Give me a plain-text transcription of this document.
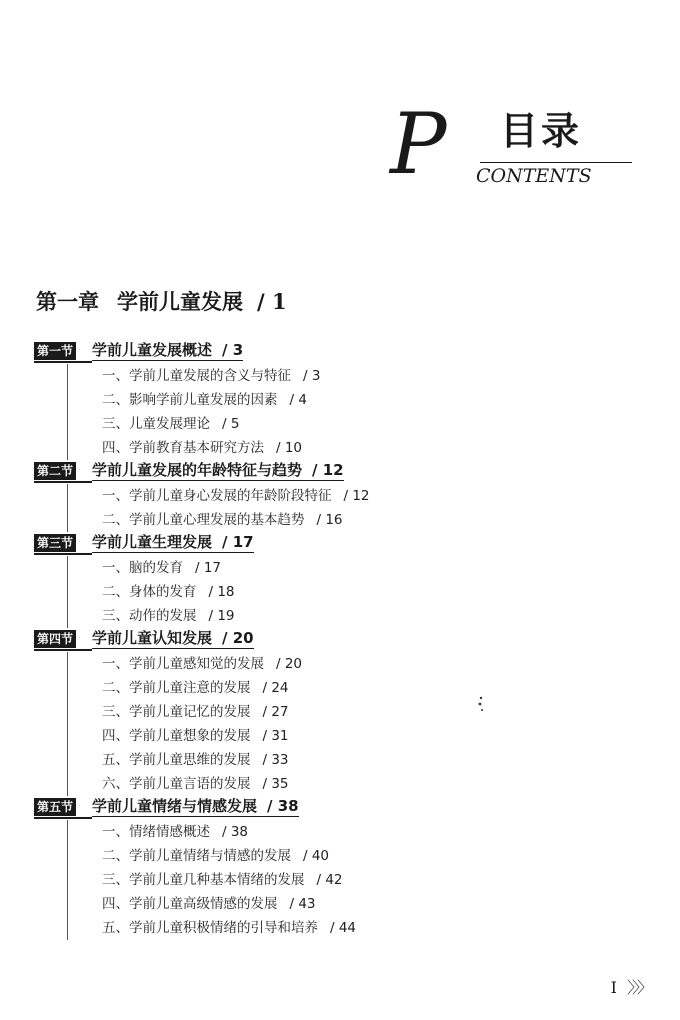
P 目录
CONTENTS
第一章 学前儿童发展 / 1
第一节 学前儿童发展概述 / 3
一、学前儿童发展的含义与特征 / 3
二、影响学前儿童发展的因素 / 4
三、儿童发展理论 / 5
四、学前教育基本研究方法 / 10
第二节 学前儿童发展的年龄特征与趋势 / 12
一、学前儿童身心发展的年龄阶段特征 / 12
二、学前儿童心理发展的基本趋势 / 16
第三节 学前儿童生理发展 / 17
一、脑的发育 / 17
二、身体的发育 / 18
三、动作的发展 / 19
第四节 学前儿童认知发展 / 20
一、学前儿童感知觉的发展 / 20
二、学前儿童注意的发展 / 24
三、学前儿童记忆的发展 / 27
四、学前儿童想象的发展 / 31
五、学前儿童思维的发展 / 33
六、学前儿童言语的发展 / 35
第五节 学前儿童情绪与情感发展 / 38
一、情绪情感概述 / 38
二、学前儿童情绪与情感的发展 / 40
三、学前儿童几种基本情绪的发展 / 42
四、学前儿童高级情感的发展 / 43
五、学前儿童积极情绪的引导和培养 / 44
I 〉〉〉
